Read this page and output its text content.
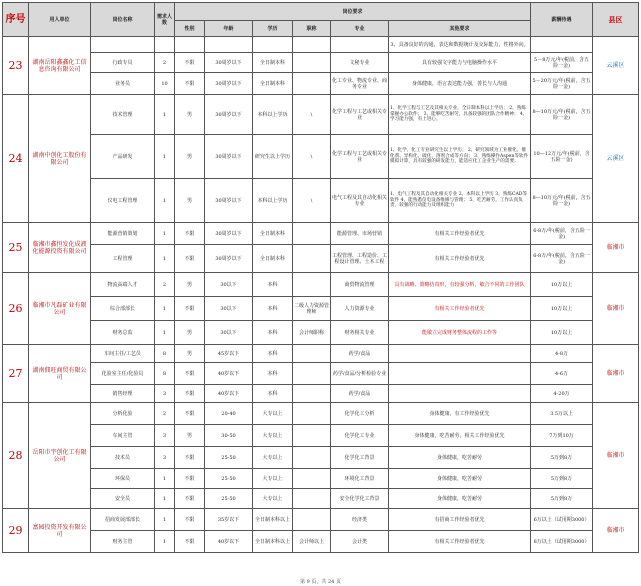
序号	用人单位	岗位名称	需求人数	岗位要求						薪酬待遇	县区
				性别	年龄	学历	职称	专业	其他要求		
23	湖南岳阳鑫鑫化工信息咨询有限公司								3、具备良好的沟通、表达和数据统计及交际能力，性格外向。		云溪区
		行政专员	2	不限	30周岁以下	全日制本科		文秘专业	具有较强文字能力与电脑操作水平	5－8万元/年(税前，含五险一金)	
		业务员	10	不限	30周岁以下	全日制本科		化工专业、物流专业、商务专业	身体健康，语言表达能力强，善长与人沟通	5－20万元/年(税前，含五险一金)	
24	湖南中创化工股份有限公司	技术管理	1	男	30周岁以下	本科以上学历	\	化学工程与工艺或相关专业	1、化学工程与工艺及其相关专业，全日制本科以上学历； 2、熟练掌握办公软件； 3、能够吃苦耐劳，具备较强的团队合作精神； 4、学习能力强，有上进心。	8—10万元/年(税前，含五险一金)	云溪区
		产品研发	1	男	30周岁以下	研究生以上学历	\	化学工程与工艺或相关专业	1、化学、化工专业研究生以上学历； 2、研究领域为工业催化、催化剂、异构化、硫化、溶剂合成等方向； 3、熟练操作Aspen等软件模拟计算，具有较强的研发能力，能适应化工企业生产的需要。	10—12万元/年(税前，含五险一金)	
		仪电工程管理	1	男	30周岁以下	本科以上学历	\	电气工程及其自动化相关专业	1、电气工程及其自动化相关专业 2、本科以上学历 3、熟练CAD等软件 4、能熟悉仪电设备维修与管理； 5、吃苦耐劳，工作认真负责，较强的行动能力及组织能力	8—10万元/年(税前，含五险一金)	
25	临湘市鑫恒发化成液化能源投资有限公司	能源营销策划	1	不限	30周岁以下	全日制本科		能源管理、市场营销	有相关工作经验者优先	6-8万/年(税前，含五险一金)	临湘市
		工程管理	1	不限	30周岁以下	全日制本科		工程管理、工程造价、工程设计管理、土木工程	有相关工作经验者优先	6-8万/年(税前，含五险一金)	
26	临湘市凡磊矿业有限公司	物流高端人才	2	男	30以下	本科		商贸物流管理	具有战略、策略仿真形，有较强分析，敏合不同的工作团队	10万以上	临湘市
		综合部部长	1	不限	30以下	本科	二级人力资源管理师	人力资源专业	有相关工作经验者优先	10万以上	
		财务总监	1	男	30以下	本科	会计师职称	财务相关专业	能敏立完成财务整体流程的工作等	10万以上	
27	湖南佃旺商贸有限公司	车间主任/工艺员	8	男	45岁以下	本科		药学/食品		4-8万	临湘市
		化验室主任/化验员	8	不限	40岁以下	本科		药学/食品/分析检验专业		4-6万	
		销售经理	3	不限	40岁以下	本科		药学/食品		4-20万	
28	岳阳市宇创化工有限公司	分析化验	2	不限	20-40	大专以上		化学化工分析	身体健康，有工作经验优先	3.5万以上	临湘市
		车间主管	3	男	30-50	大专以上		化学化工专业	身体健康，吃苦耐劳，相关工作经验优先	7万到10万	
		技术员	3	不限	25-50	大专以上		化学化工背景	身体健康，吃苦耐劳	5万到8万	
		环保员	1	不限	25-50	大专以上		环境化工背景	身体健康，吃苦耐劳	5万到8万	
		安全员	1	不限	25-50	大专以上		安全化学化工背景	身体健康，吃苦耐劳	5万到8万	
29	富园投资开发有限公司	招商发展部部长	1	不限	35岁以下	全日制本科以上		经济类	有招商工作经验者优先	6万以上（试用期3000）	临湘市
		财务主管	1	不限	40岁以下	全日制本科以上	会计师以上	会计类	有相关工作经验者优先	8万以上（试用期3000）	
第 9 页，共 24 页
